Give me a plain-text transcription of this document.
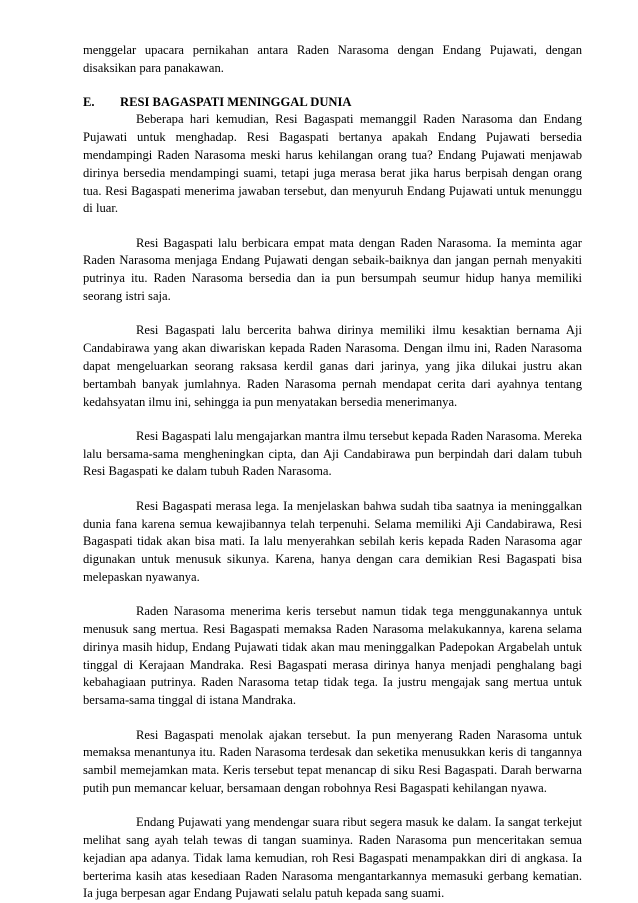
menggelar upacara pernikahan antara Raden Narasoma dengan Endang Pujawati, dengan disaksikan para panakawan.

E.	RESI BAGASPATI MENINGGAL DUNIA

Beberapa hari kemudian, Resi Bagaspati memanggil Raden Narasoma dan Endang Pujawati untuk menghadap. Resi Bagaspati bertanya apakah Endang Pujawati bersedia mendampingi Raden Narasoma meski harus kehilangan orang tua? Endang Pujawati menjawab dirinya bersedia mendampingi suami, tetapi juga merasa berat jika harus berpisah dengan orang tua. Resi Bagaspati menerima jawaban tersebut, dan menyuruh Endang Pujawati untuk menunggu di luar.

Resi Bagaspati lalu berbicara empat mata dengan Raden Narasoma. Ia meminta agar Raden Narasoma menjaga Endang Pujawati dengan sebaik-baiknya dan jangan pernah menyakiti putrinya itu. Raden Narasoma bersedia dan ia pun bersumpah seumur hidup hanya memiliki seorang istri saja.

Resi Bagaspati lalu bercerita bahwa dirinya memiliki ilmu kesaktian bernama Aji Candabirawa yang akan diwariskan kepada Raden Narasoma. Dengan ilmu ini, Raden Narasoma dapat mengeluarkan seorang raksasa kerdil ganas dari jarinya, yang jika dilukai justru akan bertambah banyak jumlahnya. Raden Narasoma pernah mendapat cerita dari ayahnya tentang kedahsyatan ilmu ini, sehingga ia pun menyatakan bersedia menerimanya.

Resi Bagaspati lalu mengajarkan mantra ilmu tersebut kepada Raden Narasoma. Mereka lalu bersama-sama mengheningkan cipta, dan Aji Candabirawa pun berpindah dari dalam tubuh Resi Bagaspati ke dalam tubuh Raden Narasoma.

Resi Bagaspati merasa lega. Ia menjelaskan bahwa sudah tiba saatnya ia meninggalkan dunia fana karena semua kewajibannya telah terpenuhi. Selama memiliki Aji Candabirawa, Resi Bagaspati tidak akan bisa mati. Ia lalu menyerahkan sebilah keris kepada Raden Narasoma agar digunakan untuk menusuk sikunya. Karena, hanya dengan cara demikian Resi Bagaspati bisa melepaskan nyawanya.

Raden Narasoma menerima keris tersebut namun tidak tega menggunakannya untuk menusuk sang mertua. Resi Bagaspati memaksa Raden Narasoma melakukannya, karena selama dirinya masih hidup, Endang Pujawati tidak akan mau meninggalkan Padepokan Argabelah untuk tinggal di Kerajaan Mandraka. Resi Bagaspati merasa dirinya hanya menjadi penghalang bagi kebahagiaan putrinya. Raden Narasoma tetap tidak tega. Ia justru mengajak sang mertua untuk bersama-sama tinggal di istana Mandraka.

Resi Bagaspati menolak ajakan tersebut. Ia pun menyerang Raden Narasoma untuk memaksa menantunya itu. Raden Narasoma terdesak dan seketika menusukkan keris di tangannya sambil memejamkan mata. Keris tersebut tepat menancap di siku Resi Bagaspati. Darah berwarna putih pun memancar keluar, bersamaan dengan robohnya Resi Bagaspati kehilangan nyawa.

Endang Pujawati yang mendengar suara ribut segera masuk ke dalam. Ia sangat terkejut melihat sang ayah telah tewas di tangan suaminya. Raden Narasoma pun menceritakan semua kejadian apa adanya. Tidak lama kemudian, roh Resi Bagaspati menampakkan diri di angkasa. Ia berterima kasih atas kesediaan Raden Narasoma mengantarkannya memasuki gerbang kematian. Ia juga berpesan agar Endang Pujawati selalu patuh kepada sang suami.
